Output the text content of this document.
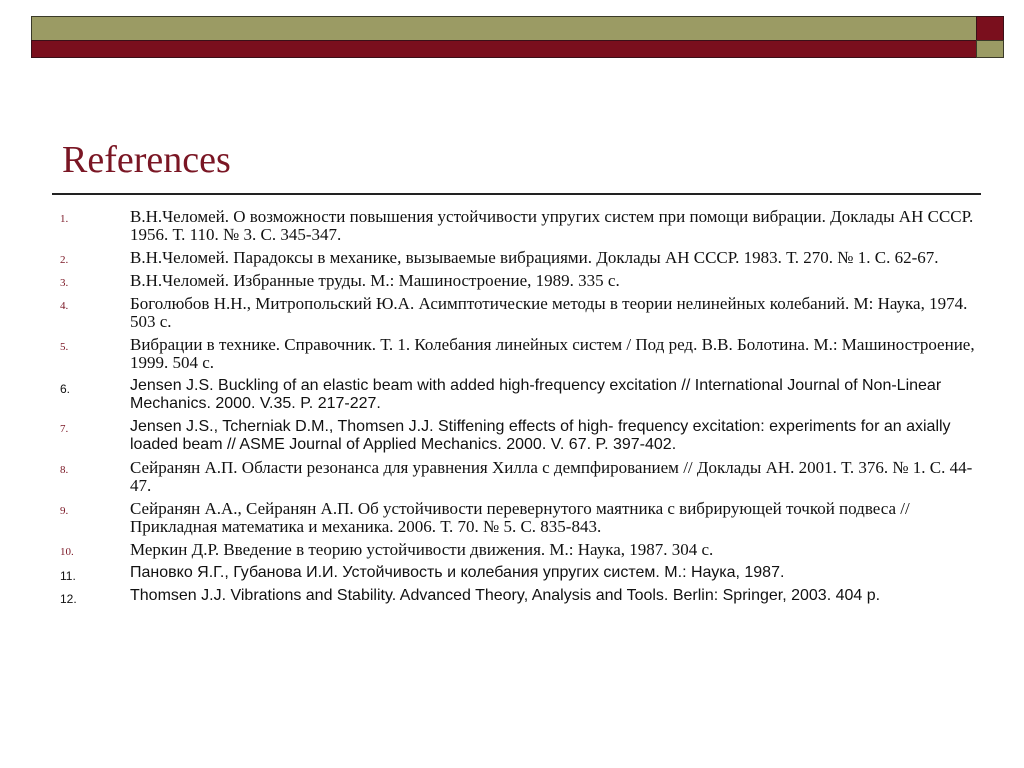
References
1.	В.Н.Челомей. О возможности повышения устойчивости упругих систем при помощи вибрации. Доклады АН СССР. 1956. Т. 110. № 3. С. 345-347.
2.	В.Н.Челомей. Парадоксы в механике, вызываемые вибрациями. Доклады АН СССР. 1983. Т. 270. № 1. С. 62-67.
3.	В.Н.Челомей. Избранные труды. М.: Машиностроение, 1989. 335 с.
4.	Боголюбов Н.Н., Митропольский Ю.А. Асимптотические методы в теории нелинейных колебаний. М: Наука, 1974. 503 с.
5.	Вибрации в технике. Справочник. Т. 1. Колебания линейных систем / Под ред. В.В. Болотина. М.: Машиностроение, 1999. 504 с.
6.	Jensen J.S. Buckling of an elastic beam with added high-frequency excitation // International Journal of Non-Linear Mechanics. 2000. V.35. P. 217-227.
7.	Jensen J.S., Tcherniak D.M., Thomsen J.J. Stiffening effects of high- frequency excitation: experiments for an axially loaded beam // ASME Journal of Applied Mechanics. 2000. V. 67. P. 397-402.
8.	Сейранян А.П. Области резонанса для уравнения Хилла с демпфированием // Доклады АН. 2001. Т. 376. № 1. С. 44-47.
9.	Сейранян А.А., Сейранян А.П. Об устойчивости перевернутого маятника с вибрирующей точкой подвеса // Прикладная математика и механика. 2006. Т. 70. № 5. С. 835-843.
10.	Меркин Д.Р. Введение в теорию устойчивости движения. М.: Наука, 1987. 304 с.
11.	Пановко Я.Г., Губанова И.И. Устойчивость и колебания упругих систем. М.: Наука, 1987.
12.	Thomsen J.J. Vibrations and Stability. Advanced Theory, Analysis and Tools. Berlin: Springer, 2003. 404 p.
